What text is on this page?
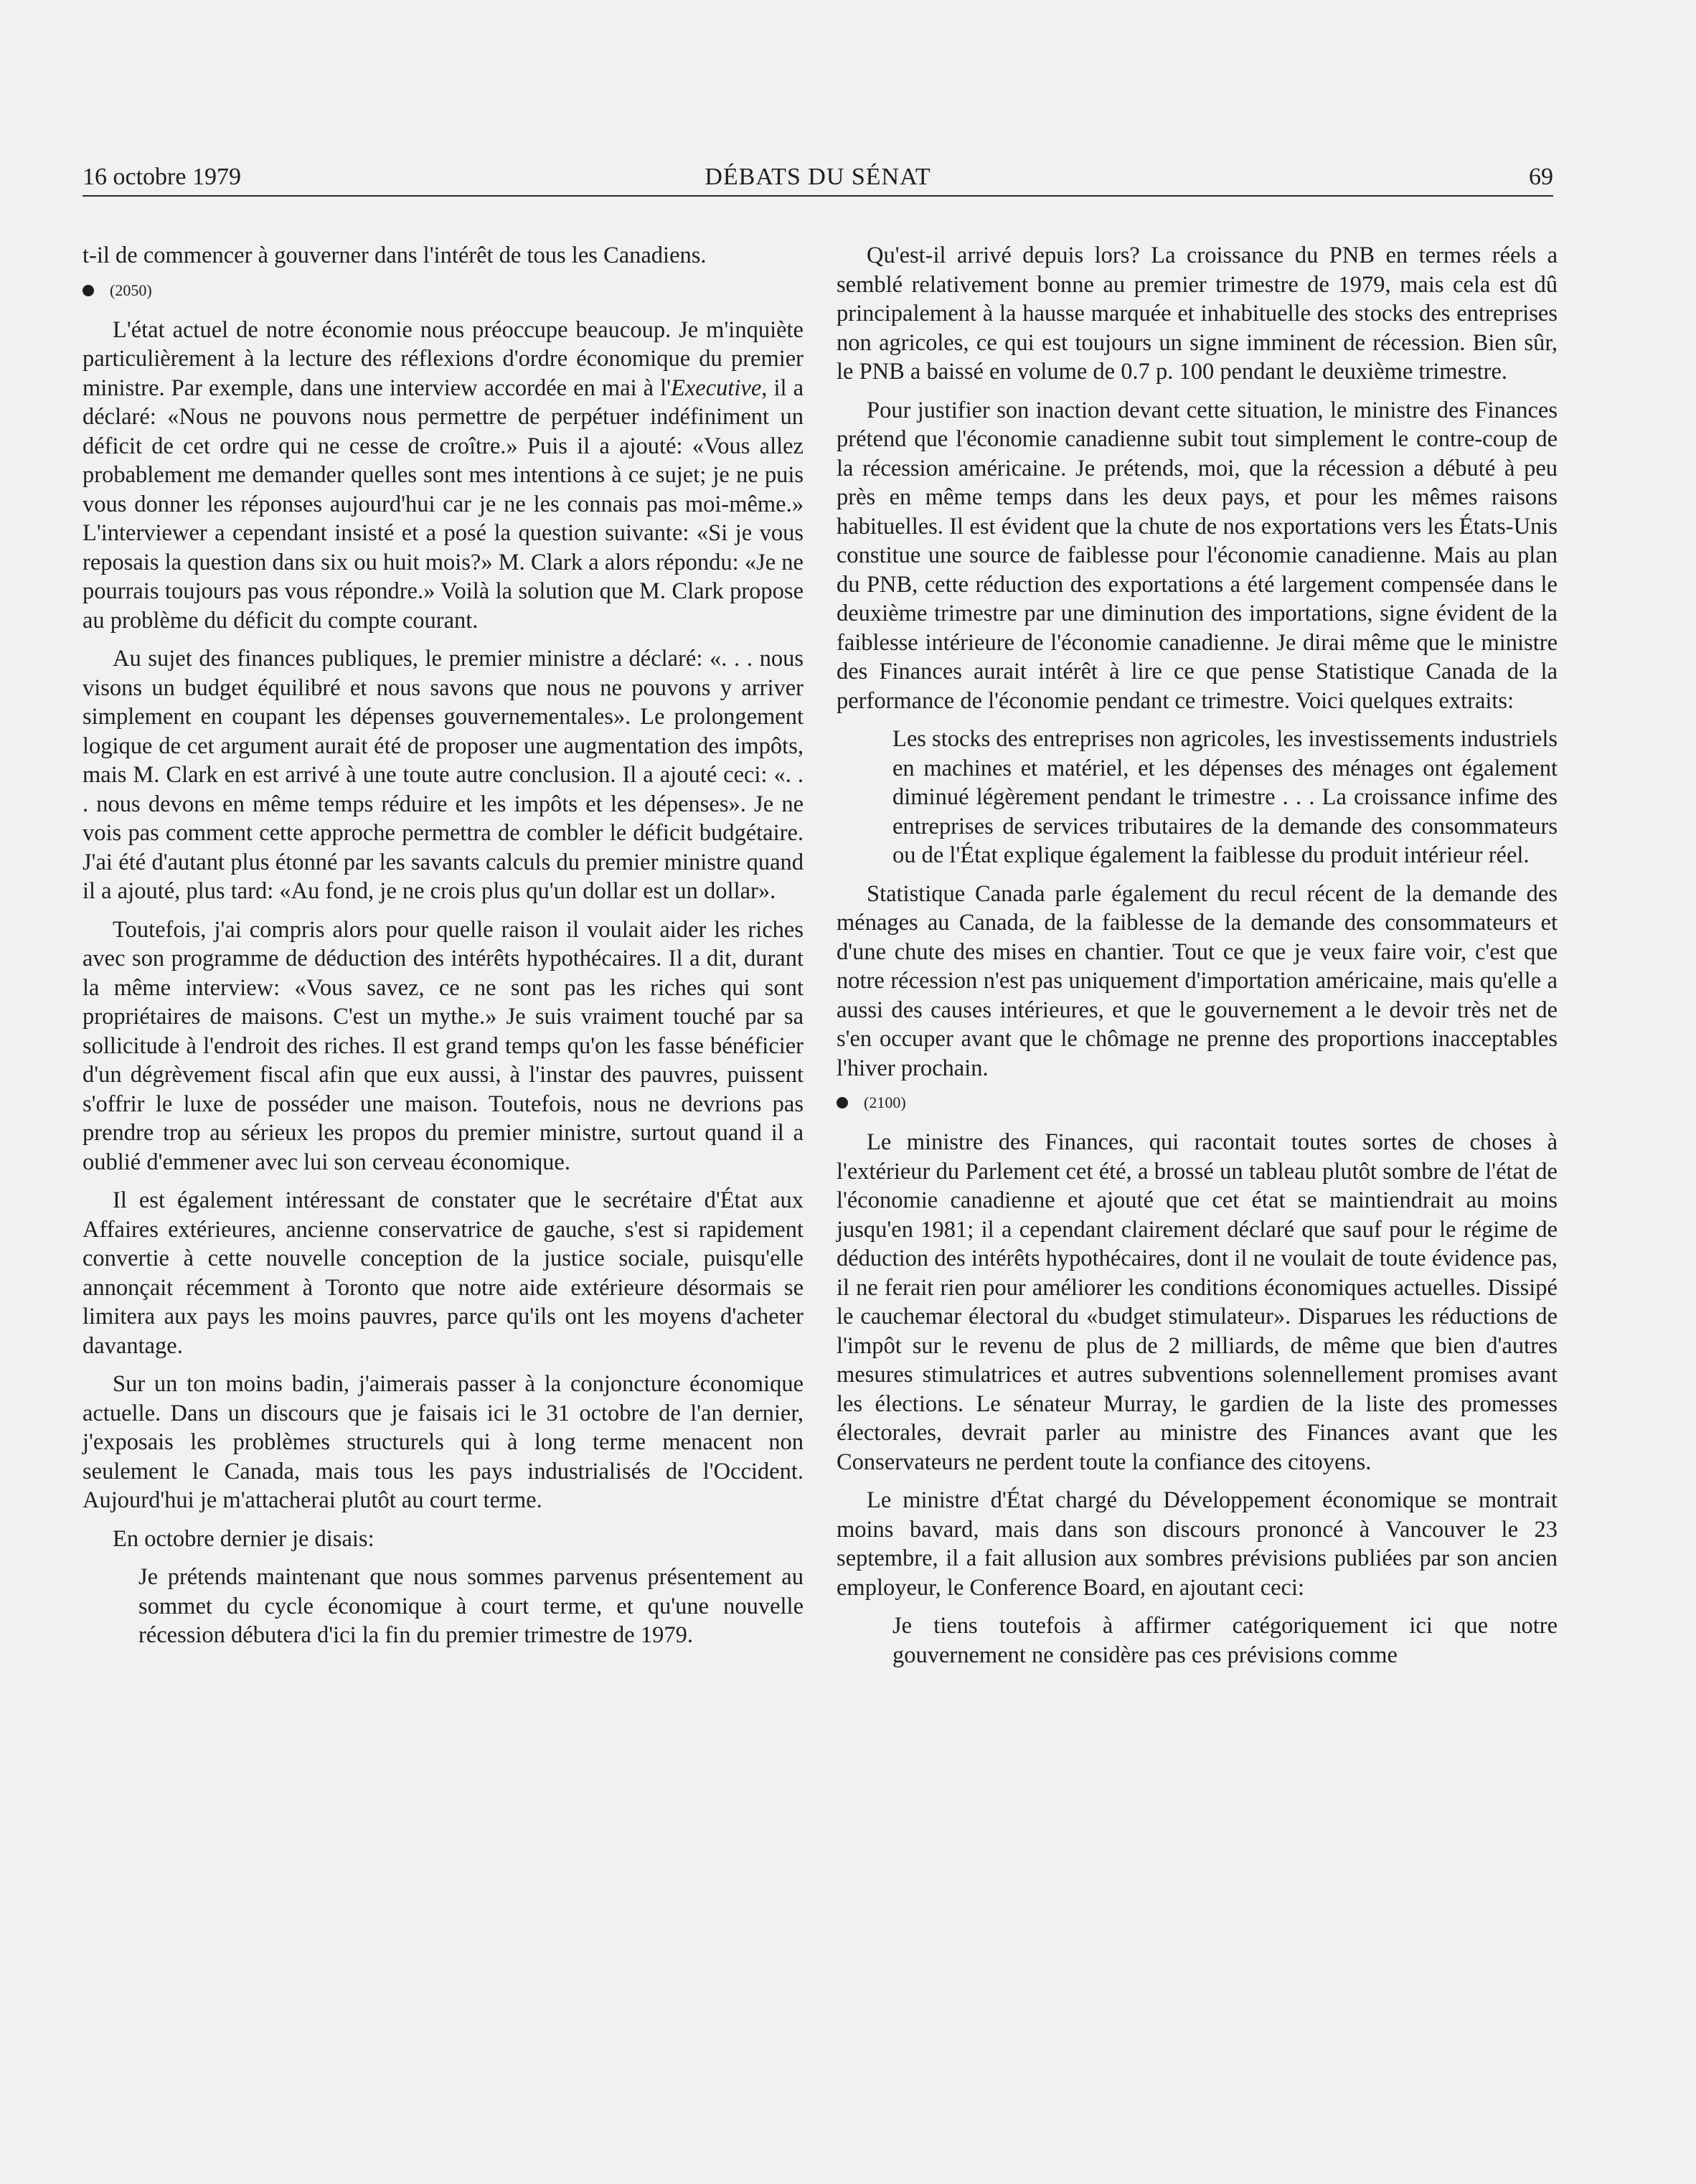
16 octobre 1979	DÉBATS DU SÉNAT	69

t-il de commencer à gouverner dans l'intérêt de tous les Canadiens.

(2050)

L'état actuel de notre économie nous préoccupe beaucoup. Je m'inquiète particulièrement à la lecture des réflexions d'ordre économique du premier ministre. Par exemple, dans une interview accordée en mai à l'Executive, il a déclaré: «Nous ne pouvons nous permettre de perpétuer indéfiniment un déficit de cet ordre qui ne cesse de croître.» Puis il a ajouté: «Vous allez probablement me demander quelles sont mes intentions à ce sujet; je ne puis vous donner les réponses aujourd'hui car je ne les connais pas moi-même.» L'interviewer a cependant insisté et a posé la question suivante: «Si je vous reposais la question dans six ou huit mois?» M. Clark a alors répondu: «Je ne pourrais toujours pas vous répondre.» Voilà la solution que M. Clark propose au problème du déficit du compte courant.

Au sujet des finances publiques, le premier ministre a déclaré: «. . . nous visons un budget équilibré et nous savons que nous ne pouvons y arriver simplement en coupant les dépenses gouvernementales». Le prolongement logique de cet argument aurait été de proposer une augmentation des impôts, mais M. Clark en est arrivé à une toute autre conclusion. Il a ajouté ceci: «. . . nous devons en même temps réduire et les impôts et les dépenses». Je ne vois pas comment cette approche permettra de combler le déficit budgétaire. J'ai été d'autant plus étonné par les savants calculs du premier ministre quand il a ajouté, plus tard: «Au fond, je ne crois plus qu'un dollar est un dollar».

Toutefois, j'ai compris alors pour quelle raison il voulait aider les riches avec son programme de déduction des intérêts hypothécaires. Il a dit, durant la même interview: «Vous savez, ce ne sont pas les riches qui sont propriétaires de maisons. C'est un mythe.» Je suis vraiment touché par sa sollicitude à l'endroit des riches. Il est grand temps qu'on les fasse bénéficier d'un dégrèvement fiscal afin que eux aussi, à l'instar des pauvres, puissent s'offrir le luxe de posséder une maison. Toutefois, nous ne devrions pas prendre trop au sérieux les propos du premier ministre, surtout quand il a oublié d'emmener avec lui son cerveau économique.

Il est également intéressant de constater que le secrétaire d'État aux Affaires extérieures, ancienne conservatrice de gauche, s'est si rapidement convertie à cette nouvelle conception de la justice sociale, puisqu'elle annonçait récemment à Toronto que notre aide extérieure désormais se limitera aux pays les moins pauvres, parce qu'ils ont les moyens d'acheter davantage.

Sur un ton moins badin, j'aimerais passer à la conjoncture économique actuelle. Dans un discours que je faisais ici le 31 octobre de l'an dernier, j'exposais les problèmes structurels qui à long terme menacent non seulement le Canada, mais tous les pays industrialisés de l'Occident. Aujourd'hui je m'attacherai plutôt au court terme.

En octobre dernier je disais:

Je prétends maintenant que nous sommes parvenus présentement au sommet du cycle économique à court terme, et qu'une nouvelle récession débutera d'ici la fin du premier trimestre de 1979.

Qu'est-il arrivé depuis lors? La croissance du PNB en termes réels a semblé relativement bonne au premier trimestre de 1979, mais cela est dû principalement à la hausse marquée et inhabituelle des stocks des entreprises non agricoles, ce qui est toujours un signe imminent de récession. Bien sûr, le PNB a baissé en volume de 0.7 p. 100 pendant le deuxième trimestre.

Pour justifier son inaction devant cette situation, le ministre des Finances prétend que l'économie canadienne subit tout simplement le contre-coup de la récession américaine. Je prétends, moi, que la récession a débuté à peu près en même temps dans les deux pays, et pour les mêmes raisons habituelles. Il est évident que la chute de nos exportations vers les États-Unis constitue une source de faiblesse pour l'économie canadienne. Mais au plan du PNB, cette réduction des exportations a été largement compensée dans le deuxième trimestre par une diminution des importations, signe évident de la faiblesse intérieure de l'économie canadienne. Je dirai même que le ministre des Finances aurait intérêt à lire ce que pense Statistique Canada de la performance de l'économie pendant ce trimestre. Voici quelques extraits:

Les stocks des entreprises non agricoles, les investissements industriels en machines et matériel, et les dépenses des ménages ont également diminué légèrement pendant le trimestre . . . La croissance infime des entreprises de services tributaires de la demande des consommateurs ou de l'État explique également la faiblesse du produit intérieur réel.

Statistique Canada parle également du recul récent de la demande des ménages au Canada, de la faiblesse de la demande des consommateurs et d'une chute des mises en chantier. Tout ce que je veux faire voir, c'est que notre récession n'est pas uniquement d'importation américaine, mais qu'elle a aussi des causes intérieures, et que le gouvernement a le devoir très net de s'en occuper avant que le chômage ne prenne des proportions inacceptables l'hiver prochain.

(2100)

Le ministre des Finances, qui racontait toutes sortes de choses à l'extérieur du Parlement cet été, a brossé un tableau plutôt sombre de l'état de l'économie canadienne et ajouté que cet état se maintiendrait au moins jusqu'en 1981; il a cependant clairement déclaré que sauf pour le régime de déduction des intérêts hypothécaires, dont il ne voulait de toute évidence pas, il ne ferait rien pour améliorer les conditions économiques actuelles. Dissipé le cauchemar électoral du «budget stimulateur». Disparues les réductions de l'impôt sur le revenu de plus de 2 milliards, de même que bien d'autres mesures stimulatrices et autres subventions solennellement promises avant les élections. Le sénateur Murray, le gardien de la liste des promesses électorales, devrait parler au ministre des Finances avant que les Conservateurs ne perdent toute la confiance des citoyens.

Le ministre d'État chargé du Développement économique se montrait moins bavard, mais dans son discours prononcé à Vancouver le 23 septembre, il a fait allusion aux sombres prévisions publiées par son ancien employeur, le Conference Board, en ajoutant ceci:

Je tiens toutefois à affirmer catégoriquement ici que notre gouvernement ne considère pas ces prévisions comme
